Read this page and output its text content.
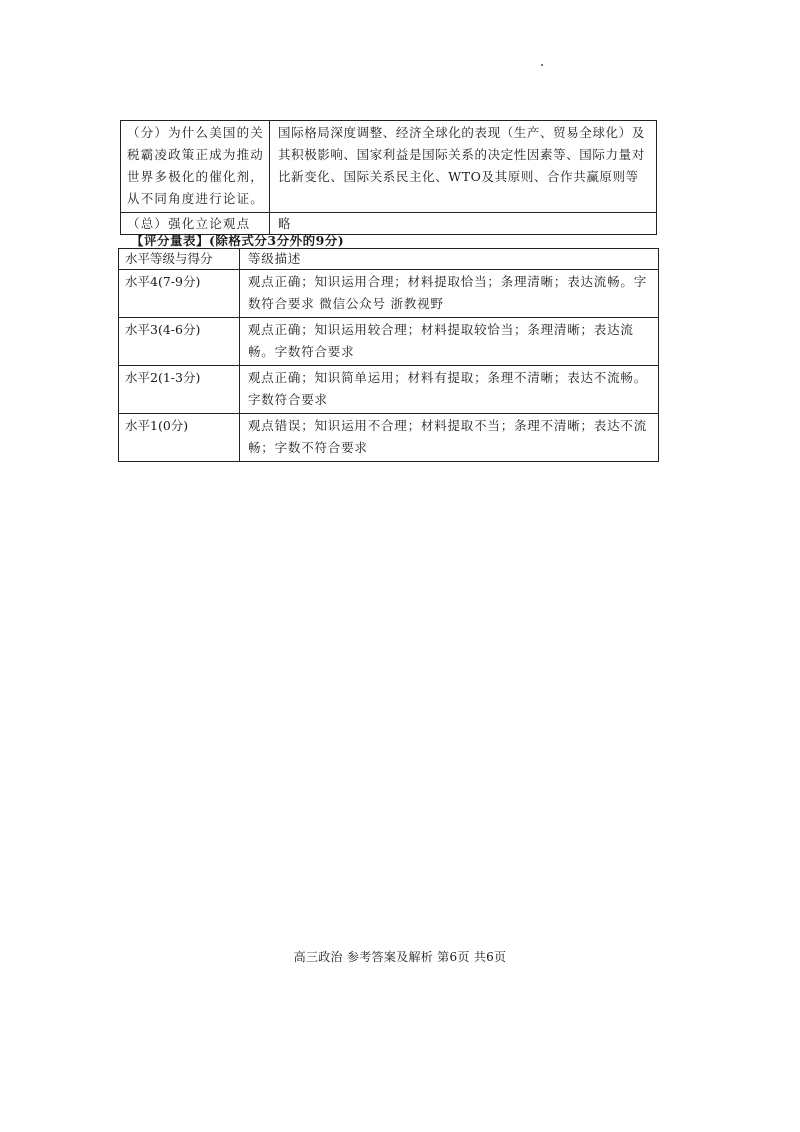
（分）为什么美国的关税霸凌政策正成为推动世界多极化的催化剂，从不同角度进行论证。	国际格局深度调整、经济全球化的表现（生产、贸易全球化）及其积极影响、国家利益是国际关系的决定性因素等、国际力量对比新变化、国际关系民主化、WTO及其原则、合作共赢原则等
（总）强化立论观点	略
【评分量表】(除格式分3分外的9分)
水平等级与得分	等级描述
水平4(7-9分)	观点正确；知识运用合理；材料提取恰当；条理清晰；表达流畅。字数符合要求 微信公众号 浙教视野
水平3(4-6分)	观点正确；知识运用较合理；材料提取较恰当；条理清晰；表达流畅。字数符合要求
水平2(1-3分)	观点正确；知识简单运用；材料有提取；条理不清晰；表达不流畅。字数符合要求
水平1(0分)	观点错误；知识运用不合理；材料提取不当；条理不清晰；表达不流畅；字数不符合要求
高三政治 参考答案及解析 第6页 共6页
